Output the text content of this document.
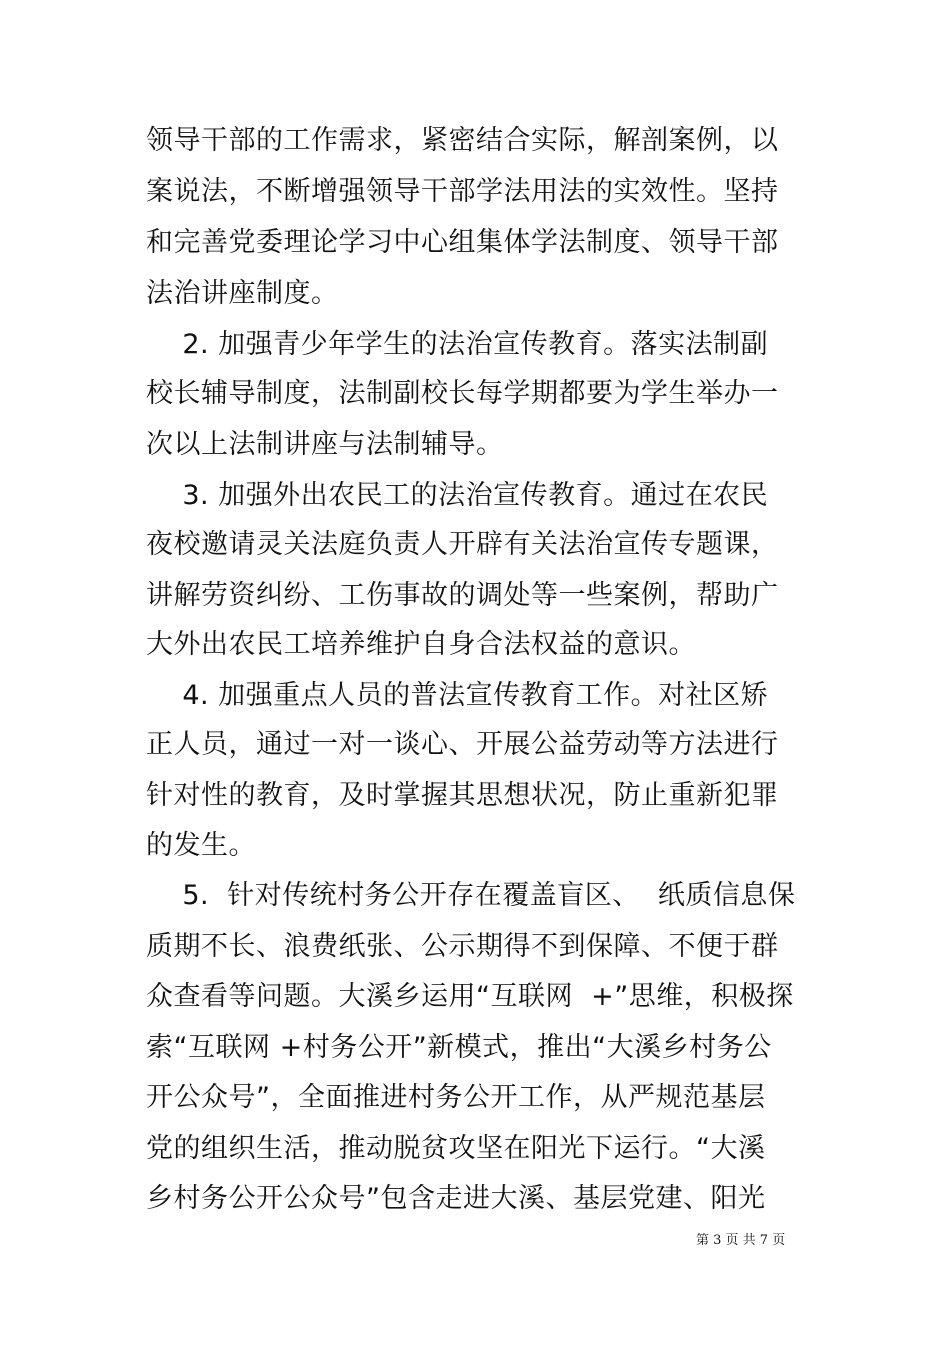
领导干部的工作需求，紧密结合实际，解剖案例，以
案说法，不断增强领导干部学法用法的实效性。坚持
和完善党委理论学习中心组集体学法制度、领导干部
法治讲座制度。
2. 加强青少年学生的法治宣传教育。落实法制副
校长辅导制度，法制副校长每学期都要为学生举办一
次以上法制讲座与法制辅导。
3. 加强外出农民工的法治宣传教育。通过在农民
夜校邀请灵关法庭负责人开辟有关法治宣传专题课，
讲解劳资纠纷、工伤事故的调处等一些案例，帮助广
大外出农民工培养维护自身合法权益的意识。
4. 加强重点人员的普法宣传教育工作。对社区矫
正人员，通过一对一谈心、开展公益劳动等方法进行
针对性的教育，及时掌握其思想状况，防止重新犯罪
的发生。
5.  针对传统村务公开存在覆盖盲区、  纸质信息保
质期不长、浪费纸张、公示期得不到保障、不便于群
众查看等问题。大溪乡运用“互联网  +”思维，积极探
索“互联网 +村务公开”新模式，推出“大溪乡村务公
开公众号”，全面推进村务公开工作，从严规范基层
党的组织生活，推动脱贫攻坚在阳光下运行。“大溪
乡村务公开公众号”包含走进大溪、基层党建、阳光
第 3 页 共 7 页
